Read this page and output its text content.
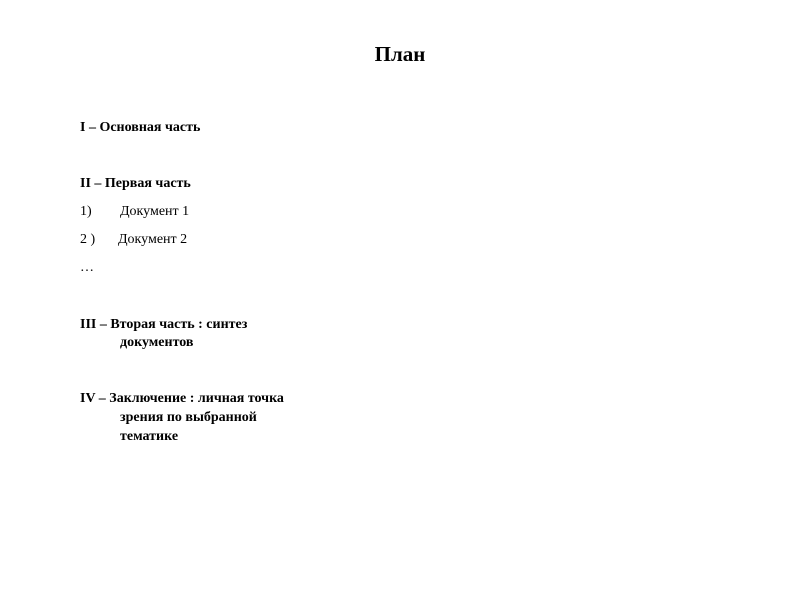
План
I – Основная часть
II – Первая часть
1) Документ 1
2 ) Документ 2
…
III – Вторая часть : синтез
документов
IV – Заключение : личная точка
зрения по выбранной
тематике
